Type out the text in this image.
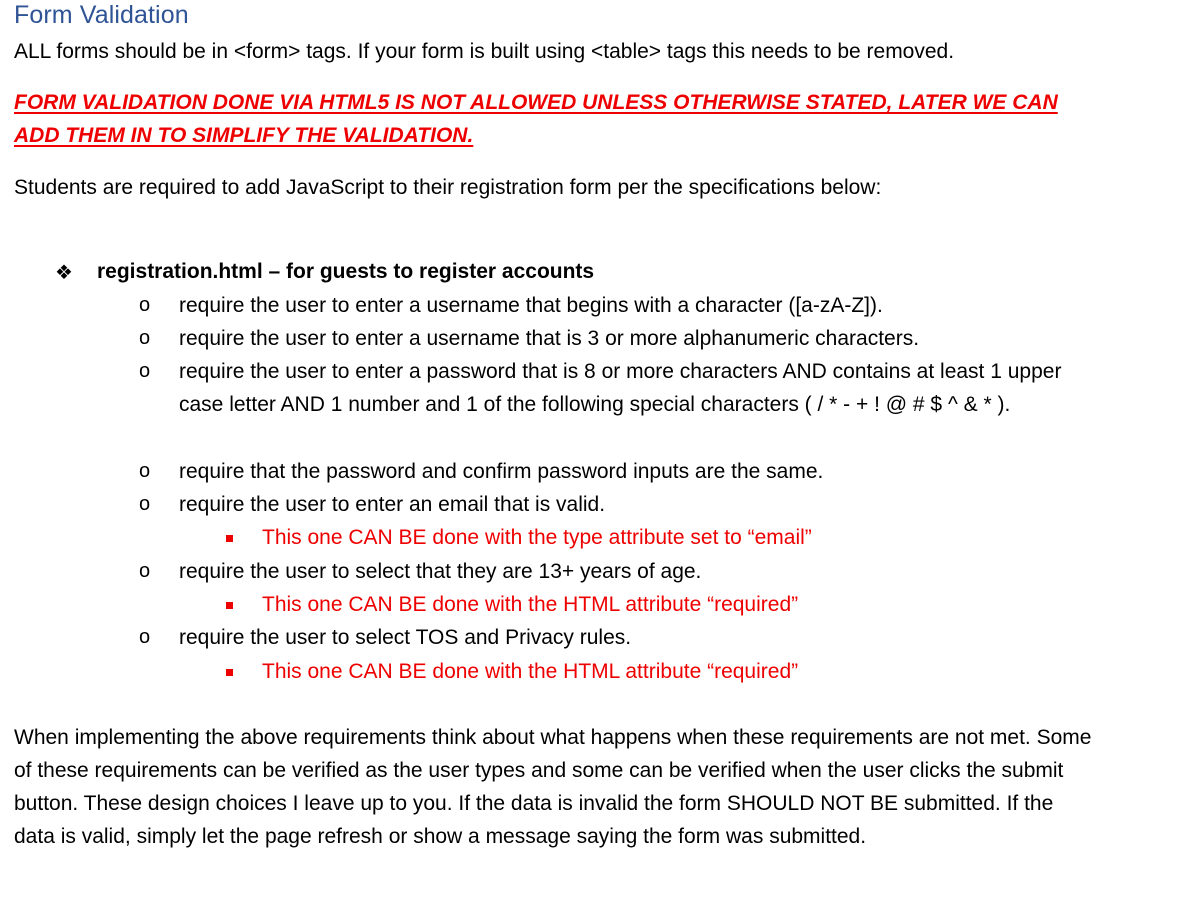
Form Validation
ALL forms should be in <form> tags. If your form is built using <table> tags this needs to be removed.
FORM VALIDATION DONE VIA HTML5 IS NOT ALLOWED UNLESS OTHERWISE STATED, LATER WE CAN ADD THEM IN TO SIMPLIFY THE VALIDATION.
Students are required to add JavaScript to their registration form per the specifications below:
❖ registration.html – for guests to register accounts
o require the user to enter a username that begins with a character ([a-zA-Z]).
o require the user to enter a username that is 3 or more alphanumeric characters.
o require the user to enter a password that is 8 or more characters AND contains at least 1 upper case letter AND 1 number and 1 of the following special characters ( / * - + ! @ # $ ^ & * ).
o require that the password and confirm password inputs are the same.
o require the user to enter an email that is valid.
This one CAN BE done with the type attribute set to “email”
o require the user to select that they are 13+ years of age.
This one CAN BE done with the HTML attribute “required”
o require the user to select TOS and Privacy rules.
This one CAN BE done with the HTML attribute “required”
When implementing the above requirements think about what happens when these requirements are not met. Some of these requirements can be verified as the user types and some can be verified when the user clicks the submit button. These design choices I leave up to you. If the data is invalid the form SHOULD NOT BE submitted. If the data is valid, simply let the page refresh or show a message saying the form was submitted.
